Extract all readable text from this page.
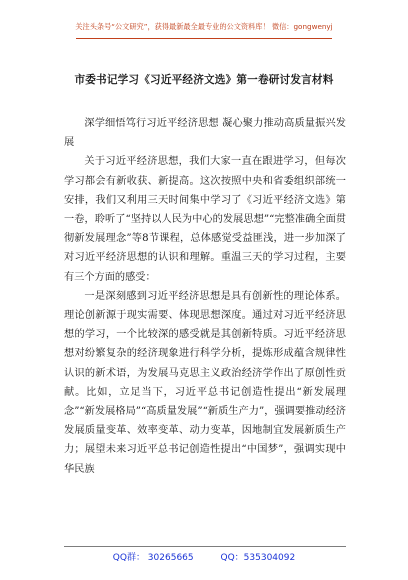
关注头条号“公文研究”，获得最新最全最专业的公文资料库！ 微信：gongwenyj
市委书记学习《习近平经济文选》第一卷研讨发言材料

深学细悟笃行习近平经济思想 凝心聚力推动高质量振兴发展

关于习近平经济思想，我们大家一直在跟进学习，但每次学习都会有新收获、新提高。这次按照中央和省委组织部统一安排，我们又利用三天时间集中学习了《习近平经济文选》第一卷，聆听了“坚持以人民为中心的发展思想”“完整准确全面贯彻新发展理念”等8节课程，总体感觉受益匪浅，进一步加深了对习近平经济思想的认识和理解。重温三天的学习过程，主要有三个方面的感受：

一是深刻感到习近平经济思想是具有创新性的理论体系。理论创新源于现实需要、体现思想深度。通过对习近平经济思想的学习，一个比较深的感受就是其创新特质。习近平经济思想对纷繁复杂的经济现象进行科学分析，提炼形成蕴含规律性认识的新术语，为发展马克思主义政治经济学作出了原创性贡献。比如，立足当下，习近平总书记创造性提出“新发展理念”“新发展格局”“高质量发展”“新质生产力”，强调要推动经济发展质量变革、效率变革、动力变革，因地制宜发展新质生产力；展望未来习近平总书记创造性提出“中国梦”，强调实现中华民族

QQ群： 30265665	QQ：535304092
